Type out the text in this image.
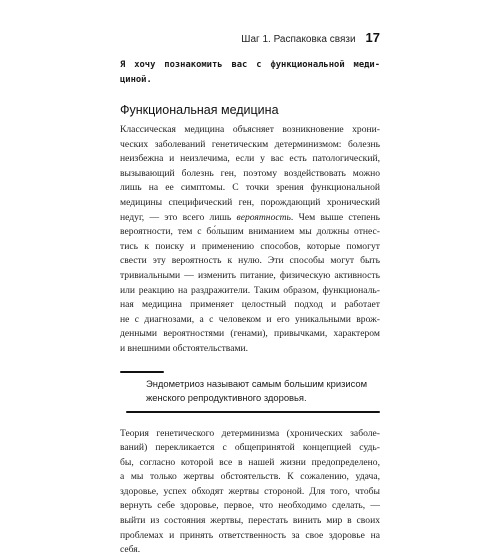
Шаг 1. Распаковка связи 17

Я хочу познакомить вас с функциональной меди-
циной.

Функциональная медицина

Классическая медицина объясняет возникновение хрони-
ческих заболеваний генетическим детерминизмом: болезнь
неизбежна и неизлечима, если у вас есть патологический,
вызывающий болезнь ген, поэтому воздействовать можно
лишь на ее симптомы. С точки зрения функциональной
медицины специфический ген, порождающий хронический
недуг, — это всего лишь вероятность. Чем выше степень
вероятности, тем с бо́льшим вниманием мы должны отнес-
тись к поиску и применению способов, которые помогут
свести эту вероятность к нулю. Эти способы могут быть
тривиальными — изменить питание, физическую активность
или реакцию на раздражители. Таким образом, функциональ-
ная медицина применяет целостный подход и работает
не с диагнозами, а с человеком и его уникальными врож-
денными вероятностями (генами), привычками, характером
и внешними обстоятельствами.

Эндометриоз называют самым большим кризисом
женского репродуктивного здоровья.

Теория генетического детерминизма (хронических заболе-
ваний) перекликается с общепринятой концепцией судь-
бы, согласно которой все в нашей жизни предопределено,
а мы только жертвы обстоятельств. К сожалению, удача,
здоровье, успех обходят жертвы стороной. Для того, чтобы
вернуть себе здоровье, первое, что необходимо сделать, —
выйти из состояния жертвы, перестать винить мир в своих
проблемах и принять ответственность за свое здоровье на
себя.
